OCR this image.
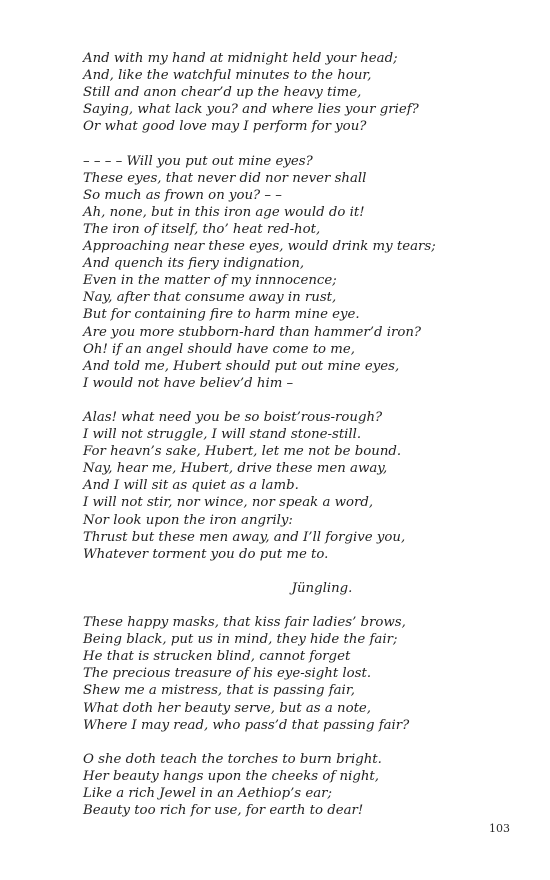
And with my hand at midnight held your head;
And, like the watchful minutes to the hour,
Still and anon chear’d up the heavy time,
Saying, what lack you? and where lies your grief?
Or what good love may I perform for you?
– – – – Will you put out mine eyes?
These eyes, that never did nor never shall
So much as frown on you? – –
Ah, none, but in this iron age would do it!
The iron of itself, tho’ heat red-hot,
Approaching near these eyes, would drink my tears;
And quench its fiery indignation,
Even in the matter of my innnocence;
Nay, after that consume away in rust,
But for containing fire to harm mine eye.
Are you more stubborn-hard than hammer’d iron?
Oh! if an angel should have come to me,
And told me, Hubert should put out mine eyes,
I would not have believ’d him –
Alas! what need you be so boist’rous-rough?
I will not struggle, I will stand stone-still.
For heavn’s sake, Hubert, let me not be bound.
Nay, hear me, Hubert, drive these men away,
And I will sit as quiet as a lamb.
I will not stir, nor wince, nor speak a word,
Nor look upon the iron angrily:
Thrust but these men away, and I’ll forgive you,
Whatever torment you do put me to.
Jüngling.
These happy masks, that kiss fair ladies’ brows,
Being black, put us in mind, they hide the fair;
He that is strucken blind, cannot forget
The precious treasure of his eye-sight lost.
Shew me a mistress, that is passing fair,
What doth her beauty serve, but as a note,
Where I may read, who pass’d that passing fair?
O she doth teach the torches to burn bright.
Her beauty hangs upon the cheeks of night,
Like a rich Jewel in an Aethiop’s ear;
Beauty too rich for use, for earth to dear!
103
